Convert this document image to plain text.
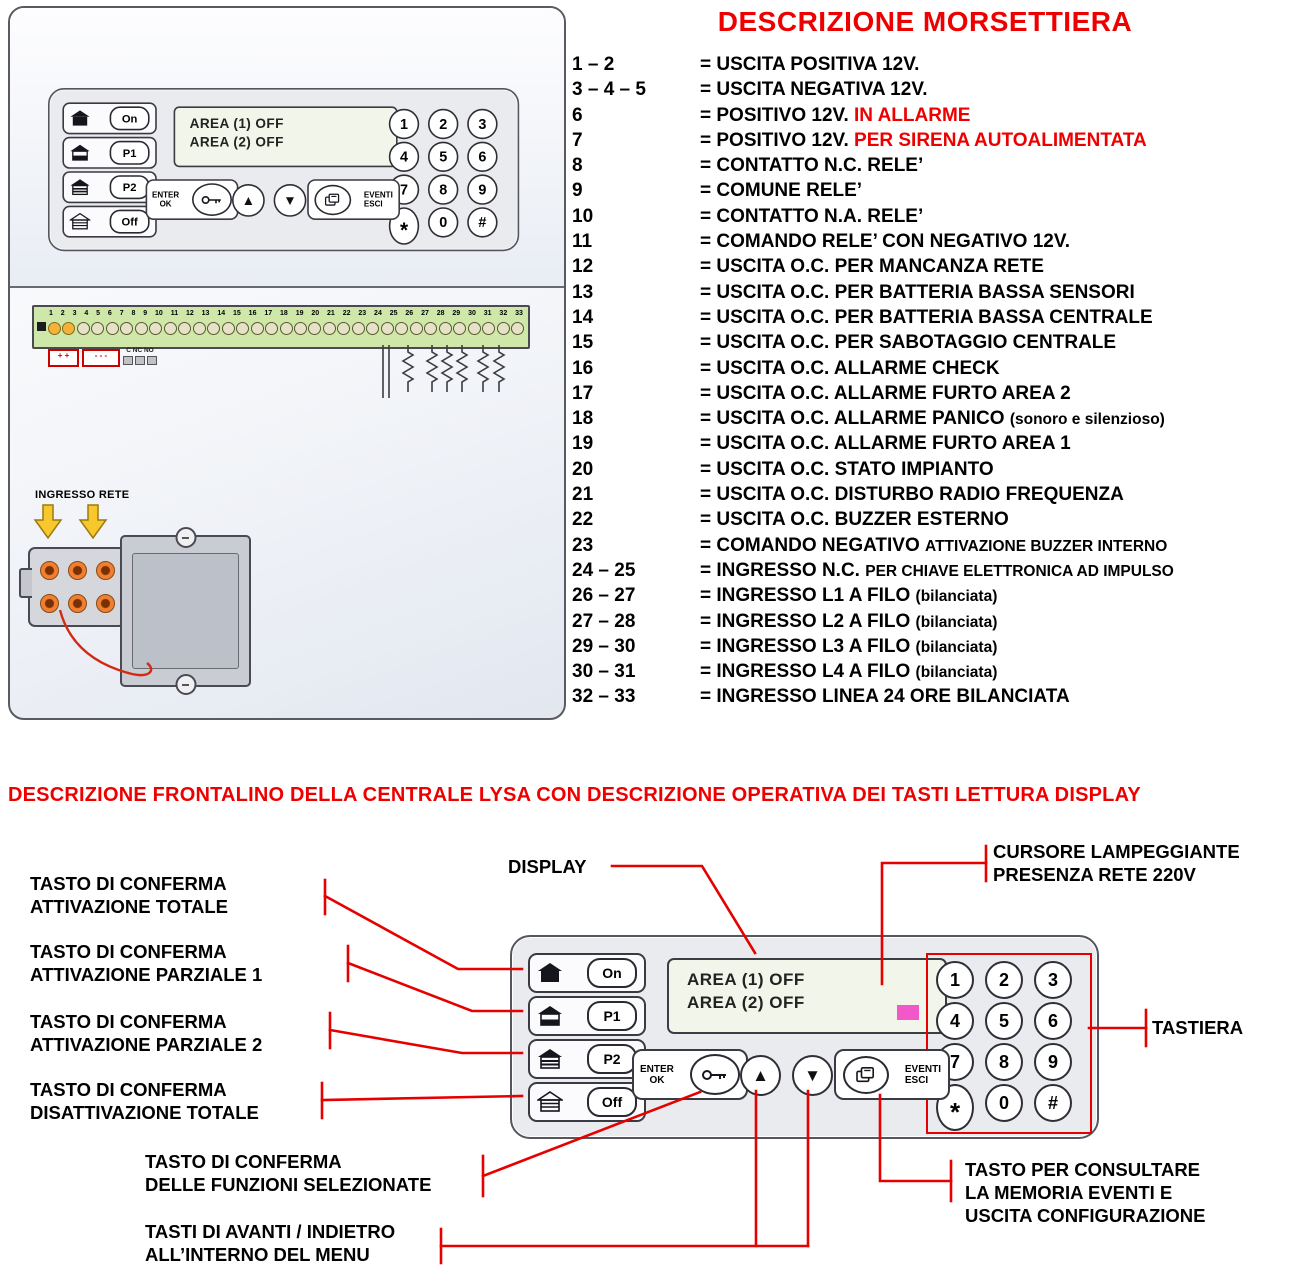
1 2 3 4 5 6 7 8 9 10 11 12 13 14 15 16 17 18 19 20 21 22 23 24 25 26 27 28 29 30 31 32 33
+ +	- - -
C NC NO
INGRESSO RETE
On
P1
P2
Off
AREA (1) OFF
AREA (2) OFF
1	2	3
4	5	6
7	8	9
*	0	#
ENTER
OK	▲	▼	EVENTI
ESCI
DESCRIZIONE MORSETTIERA
1 – 2	= USCITA POSITIVA 12V.
3 – 4 – 5	= USCITA NEGATIVA 12V.
6	= POSITIVO 12V. IN ALLARME
7	= POSITIVO 12V. PER SIRENA AUTOALIMENTATA
8	= CONTATTO N.C. RELE’
9	= COMUNE RELE’
10	= CONTATTO N.A. RELE’
11	= COMANDO RELE’ CON NEGATIVO 12V.
12	= USCITA O.C. PER MANCANZA RETE
13	= USCITA O.C. PER BATTERIA BASSA SENSORI
14	= USCITA O.C. PER BATTERIA BASSA CENTRALE
15	= USCITA O.C. PER SABOTAGGIO CENTRALE
16	= USCITA O.C. ALLARME CHECK
17	= USCITA O.C. ALLARME FURTO AREA 2
18	= USCITA O.C. ALLARME PANICO (sonoro e silenzioso)
19	= USCITA O.C. ALLARME FURTO AREA 1
20	= USCITA O.C. STATO IMPIANTO
21	= USCITA O.C. DISTURBO RADIO FREQUENZA
22	= USCITA O.C. BUZZER ESTERNO
23	= COMANDO NEGATIVO ATTIVAZIONE BUZZER INTERNO
24 – 25	= INGRESSO N.C. PER CHIAVE ELETTRONICA AD IMPULSO
26 – 27	= INGRESSO L1 A FILO (bilanciata)
27 – 28	= INGRESSO L2 A FILO (bilanciata)
29 – 30	= INGRESSO L3 A FILO (bilanciata)
30 – 31	= INGRESSO L4 A FILO (bilanciata)
32 – 33	= INGRESSO LINEA 24 ORE BILANCIATA
DESCRIZIONE FRONTALINO DELLA CENTRALE LYSA CON DESCRIZIONE OPERATIVA DEI TASTI LETTURA DISPLAY
TASTO DI CONFERMA
ATTIVAZIONE TOTALE
TASTO DI CONFERMA
ATTIVAZIONE PARZIALE 1
TASTO DI CONFERMA
ATTIVAZIONE PARZIALE 2
TASTO DI CONFERMA
DISATTIVAZIONE TOTALE
DISPLAY
CURSORE LAMPEGGIANTE
PRESENZA RETE 220V
TASTIERA
TASTO DI CONFERMA
DELLE FUNZIONI SELEZIONATE
TASTI DI AVANTI / INDIETRO
ALL’INTERNO DEL MENU
TASTO PER CONSULTARE
LA MEMORIA EVENTI E
USCITA CONFIGURAZIONE
On
P1
P2
Off
AREA (1) OFF
AREA (2) OFF
1	2	3
4	5	6
7	8	9
*	0	#
ENTER
OK	▲	▼	EVENTI
ESCI
